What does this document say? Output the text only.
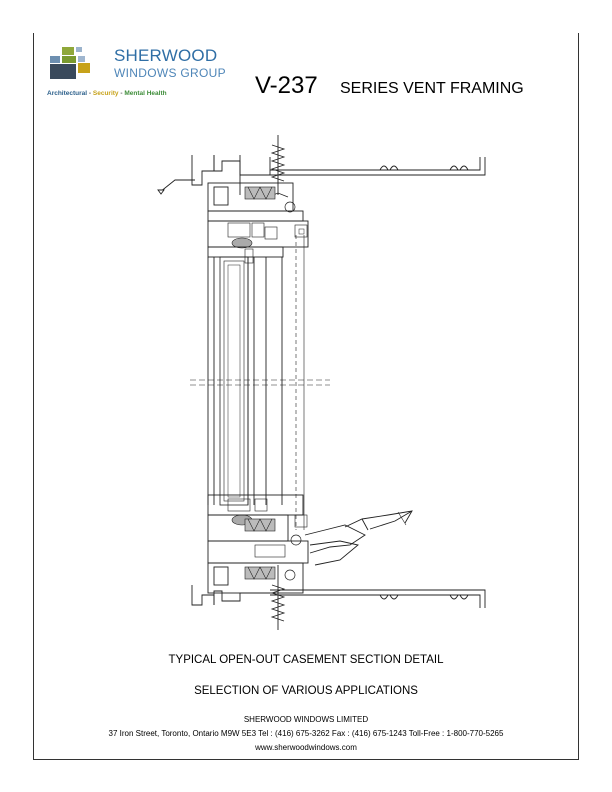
SHERWOOD
WINDOWS GROUP
Architectural - Security - Mental Health	V-237 SERIES VENT FRAMING
TYPICAL OPEN-OUT CASEMENT SECTION DETAIL
SELECTION OF VARIOUS APPLICATIONS
SHERWOOD WINDOWS LIMITED
37 Iron Street, Toronto, Ontario M9W 5E3 Tel : (416) 675-3262 Fax : (416) 675-1243 Toll-Free : 1-800-770-5265
www.sherwoodwindows.com
